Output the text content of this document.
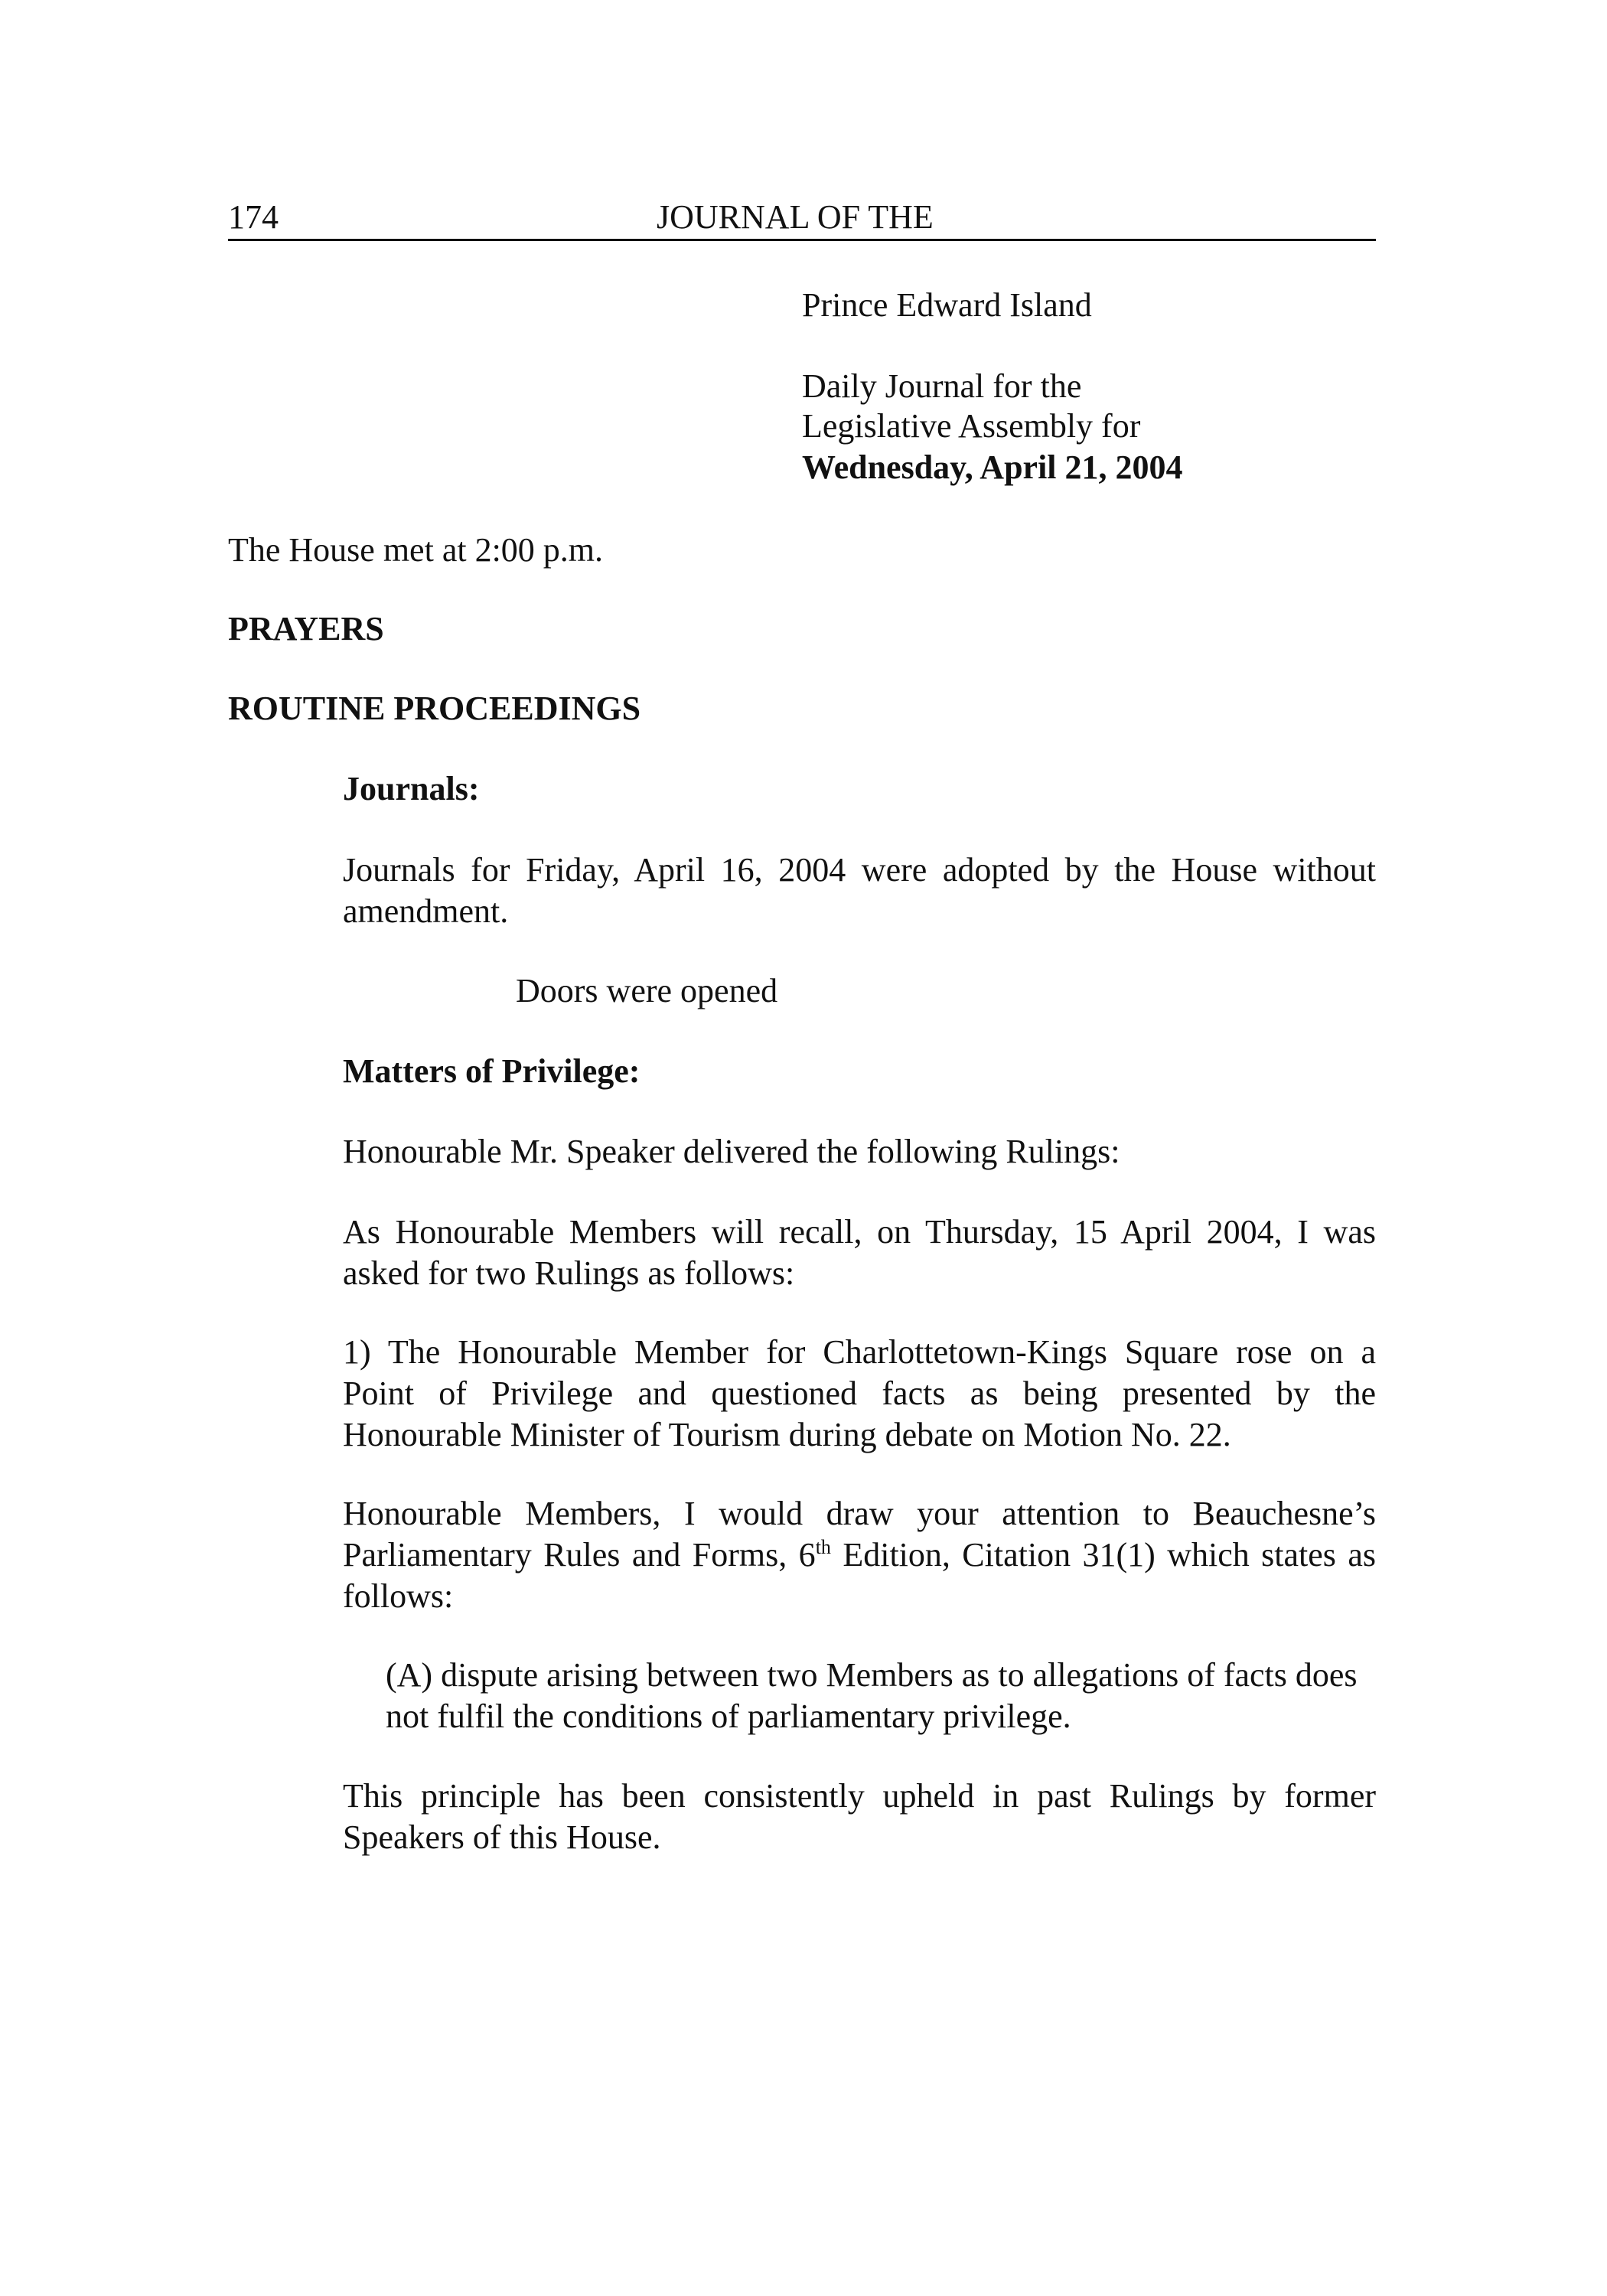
174	JOURNAL OF THE
Prince Edward Island
Daily Journal for the
Legislative Assembly for
Wednesday, April 21, 2004
The House met at 2:00 p.m.
PRAYERS
ROUTINE PROCEEDINGS
Journals:
Journals for Friday, April 16, 2004 were adopted by the House without
amendment.
Doors were opened
Matters of Privilege:
Honourable Mr. Speaker delivered the following Rulings:
As Honourable Members will recall, on Thursday, 15 April 2004, I was
asked for two Rulings as follows:
1) The Honourable Member for Charlottetown-Kings Square rose on a
Point of Privilege and questioned facts as being presented by the
Honourable Minister of Tourism during debate on Motion No. 22.
Honourable Members, I would draw your attention to Beauchesne’s
Parliamentary Rules and Forms, 6th Edition, Citation 31(1) which states as
follows:
(A) dispute arising between two Members as to allegations of facts does
not fulfil the conditions of parliamentary privilege.
This principle has been consistently upheld in past Rulings by former
Speakers of this House.
